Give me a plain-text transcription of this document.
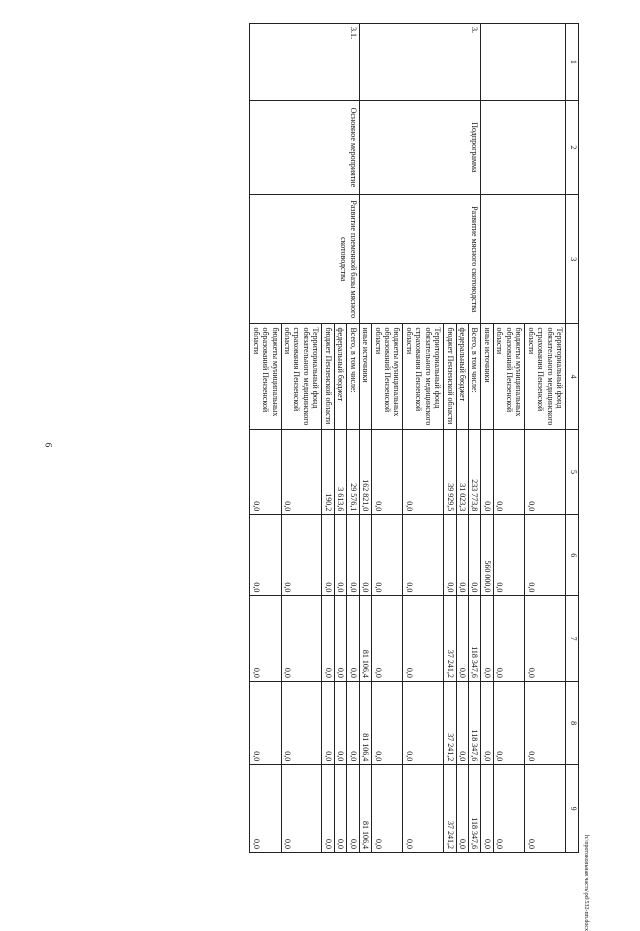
9
1	2	3	4	5	6	7	8	9
			Территориальный фонд обязательного медицинского страхования Пензенской области	0,0	0,0	0,0	0,0	0,0
			бюджеты муниципальных образований Пензенской области	0,0	0,0	0,0	0,0	0,0
			иные источники	0,0	560 000,0	0,0	0,0	0,0
3.	Подпрограмма	Развитие мясного скотоводства	Всего, в том числе:	233 773,8	0,0	118 347,6	118 347,6	118 347,6
			федеральный бюджет	31 023,3	0,0	0,0	0,0	0,0
			бюджет Пензенской области	39 929,5	0,0	37 241,2	37 241,2	37 241,2
			Территориальный фонд обязательного медицинского страхования Пензенской области	0,0	0,0	0,0	0,0	0,0
			бюджеты муниципальных образований Пензенской области	0,0	0,0	0,0	0,0	0,0
			иные источники	162 821,0	0,0	81 106,4	81 106,4	81 106,4
3.1.	Основное мероприятие	Развитие племенной базы мясного скотоводства	Всего, в том числе:	29 576,1	0,0	0,0	0,0	0,0
			федеральный бюджет	3 613,6	0,0	0,0	0,0	0,0
			бюджет Пензенской области	190,2	0,0	0,0	0,0	0,0
			Территориальный фонд обязательного медицинского страхования Пензенской области	0,0	0,0	0,0	0,0	0,0
			бюджеты муниципальных образований Пензенской области	0,0	0,0	0,0	0,0	0,0	h:\протокольная часть\pd\532-пп.docx
